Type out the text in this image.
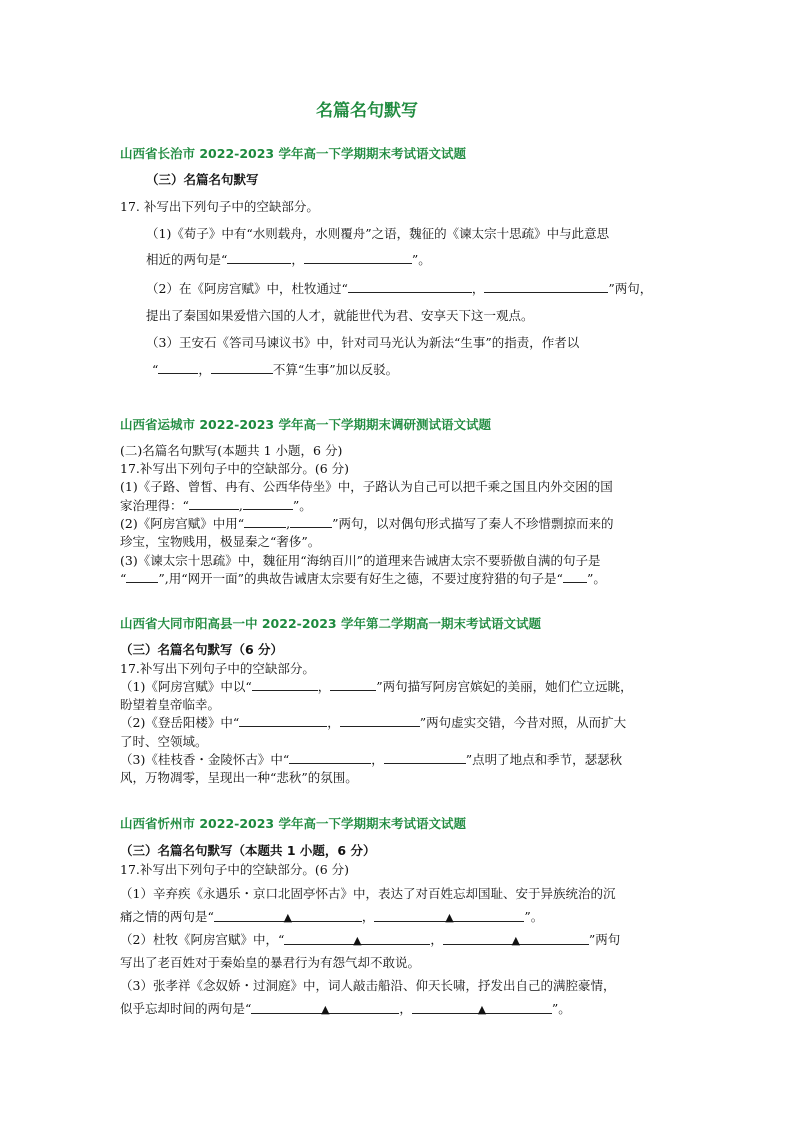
名篇名句默写
山西省长治市 2022-2023 学年高一下学期期末考试语文试题
（三）名篇名句默写
17. 补写出下列句子中的空缺部分。
（1)《荀子》中有“水则载舟，水则覆舟”之语，魏征的《谏太宗十思疏》中与此意思
相近的两句是“	，	”。
（2）在《阿房宫赋》中，杜牧通过“	，	”两句，
提出了秦国如果爱惜六国的人才，就能世代为君、安享天下这一观点。
（3）王安石《答司马谏议书》中，针对司马光认为新法“生事”的指责，作者以
“	，	不算“生事”加以反驳。
山西省运城市 2022-2023 学年高一下学期期末调研测试语文试题
(二)名篇名句默写(本题共 1 小题，6 分)
17.补写出下列句子中的空缺部分。(6 分)
(1)《子路、曾皙、冉有、公西华侍坐》中，子路认为自己可以把千乘之国且内外交困的国
家治理得：“	,	”。
(2)《阿房宫赋》中用“	,	”两句，以对偶句形式描写了秦人不珍惜剽掠而来的
珍宝，宝物贱用，极显秦之“奢侈”。
(3)《谏太宗十思疏》中，魏征用“海纳百川”的道理来告诫唐太宗不要骄傲自满的句子是
“	”,用“网开一面”的典故告诫唐太宗要有好生之德，不要过度狩猎的句子是“ ”。
山西省大同市阳高县一中 2022-2023 学年第二学期高一期末考试语文试题
（三）名篇名句默写（6 分）
17.补写出下列句子中的空缺部分。
（1)《阿房宫赋》中以“	，	”两句描写阿房宫嫔妃的美丽，她们伫立远眺，
盼望着皇帝临幸。
（2)《登岳阳楼》中“	，	”两句虚实交错，今昔对照，从而扩大
了时、空领域。
（3)《桂枝香・金陵怀古》中“	，	”点明了地点和季节，瑟瑟秋
风，万物凋零，呈现出一种“悲秋”的氛围。
山西省忻州市 2022-2023 学年高一下学期期末考试语文试题
（三）名篇名句默写（本题共 1 小题，6 分）
17.补写出下列句子中的空缺部分。(6 分)
（1）辛弃疾《永遇乐・京口北固亭怀古》中，表达了对百姓忘却国耻、安于异族统治的沉
痛之情的两句是“	▲	，	▲	”。
（2）杜牧《阿房宫赋》中，“	▲	，	▲	”两句
写出了老百姓对于秦始皇的暴君行为有怨气却不敢说。
（3）张孝祥《念奴娇・过洞庭》中，词人敲击船沿、仰天长啸，抒发出自己的满腔豪情，
似乎忘却时间的两句是“	▲	，	▲	”。
